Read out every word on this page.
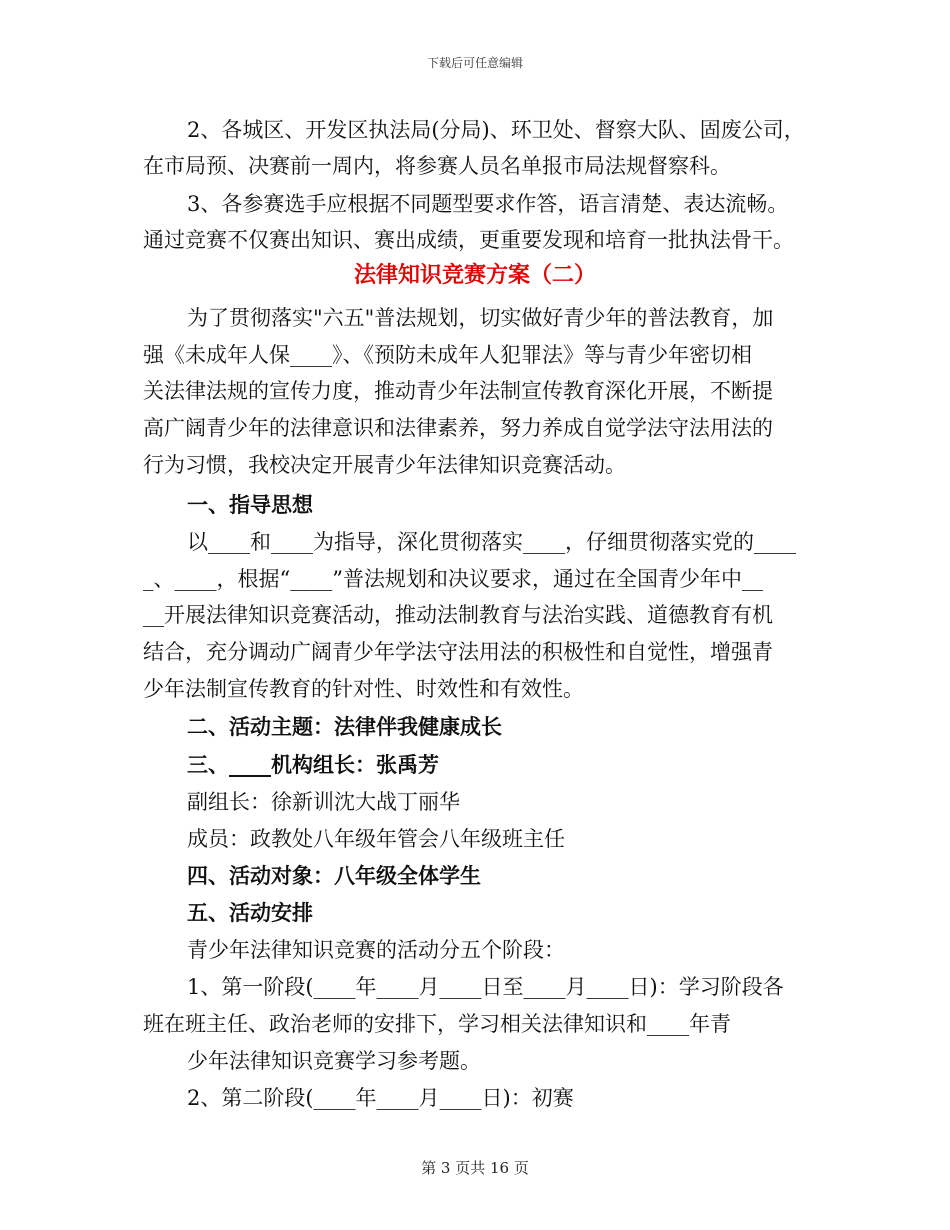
下载后可任意编辑
2、各城区、开发区执法局(分局)、环卫处、督察大队、固废公司，
在市局预、决赛前一周内，将参赛人员名单报市局法规督察科。
3、各参赛选手应根据不同题型要求作答，语言清楚、表达流畅。
通过竞赛不仅赛出知识、赛出成绩，更重要发现和培育一批执法骨干。
法律知识竞赛方案（二）
为了贯彻落实"六五"普法规划，切实做好青少年的普法教育，加
强《未成年人保____》、《预防未成年人犯罪法》等与青少年密切相
关法律法规的宣传力度，推动青少年法制宣传教育深化开展，不断提
高广阔青少年的法律意识和法律素养，努力养成自觉学法守法用法的
行为习惯，我校决定开展青少年法律知识竞赛活动。
一、指导思想
以____和____为指导，深化贯彻落实____，仔细贯彻落实党的____
_、____，根据“____”普法规划和决议要求，通过在全国青少年中__
__开展法律知识竞赛活动，推动法制教育与法治实践、道德教育有机
结合，充分调动广阔青少年学法守法用法的积极性和自觉性，增强青
少年法制宣传教育的针对性、时效性和有效性。
二、活动主题：法律伴我健康成长
三、____机构组长：张禹芳
副组长：徐新训沈大战丁丽华
成员：政教处八年级年管会八年级班主任
四、活动对象：八年级全体学生
五、活动安排
青少年法律知识竞赛的活动分五个阶段：
1、第一阶段(____年____月____日至____月____日)：学习阶段各
班在班主任、政治老师的安排下，学习相关法律知识和____年青
少年法律知识竞赛学习参考题。
2、第二阶段(____年____月____日)：初赛
第 3 页共 16 页
